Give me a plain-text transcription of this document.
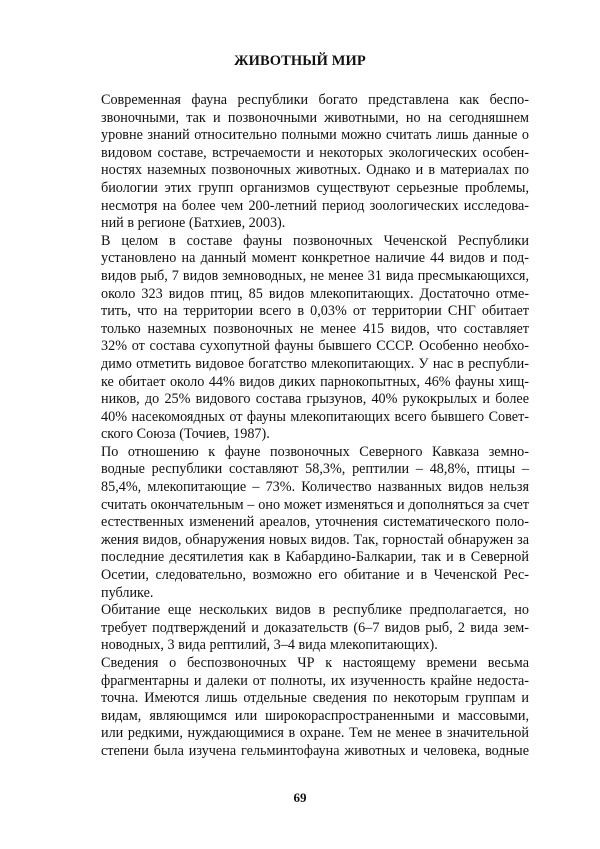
ЖИВОТНЫЙ МИР

Современная фауна республики богато представлена как беспо-
звоночными, так и позвоночными животными, но на сегодняшнем
уровне знаний относительно полными можно считать лишь данные о
видовом составе, встречаемости и некоторых экологических особен-
ностях наземных позвоночных животных. Однако и в материалах по
биологии этих групп организмов существуют серьезные проблемы,
несмотря на более чем 200-летний период зоологических исследова-
ний в регионе (Батхиев, 2003).

В целом в составе фауны позвоночных Чеченской Республики
установлено на данный момент конкретное наличие 44 видов и под-
видов рыб, 7 видов земноводных, не менее 31 вида пресмыкающихся,
около 323 видов птиц, 85 видов млекопитающих. Достаточно отме-
тить, что на территории всего в 0,03% от территории СНГ обитает
только наземных позвоночных не менее 415 видов, что составляет
32% от состава сухопутной фауны бывшего СССР. Особенно необхо-
димо отметить видовое богатство млекопитающих. У нас в республи-
ке обитает около 44% видов диких парнокопытных, 46% фауны хищ-
ников, до 25% видового состава грызунов, 40% рукокрылых и более
40% насекомоядных от фауны млекопитающих всего бывшего Совет-
ского Союза (Точиев, 1987).

По отношению к фауне позвоночных Северного Кавказа земно-
водные республики составляют 58,3%, рептилии – 48,8%, птицы –
85,4%, млекопитающие – 73%. Количество названных видов нельзя
считать окончательным – оно может изменяться и дополняться за счет
естественных изменений ареалов, уточнения систематического поло-
жения видов, обнаружения новых видов. Так, горностай обнаружен за
последние десятилетия как в Кабардино-Балкарии, так и в Северной
Осетии, следовательно, возможно его обитание и в Чеченской Рес-
публике.

Обитание еще нескольких видов в республике предполагается, но
требует подтверждений и доказательств (6–7 видов рыб, 2 вида зем-
новодных, 3 вида рептилий, 3–4 вида млекопитающих).

Сведения о беспозвоночных ЧР к настоящему времени весьма
фрагментарны и далеки от полноты, их изученность крайне недоста-
точна. Имеются лишь отдельные сведения по некоторым группам и
видам, являющимся или широкораспространенными и массовыми,
или редкими, нуждающимися в охране. Тем не менее в значительной
степени была изучена гельминтофауна животных и человека, водные

69
